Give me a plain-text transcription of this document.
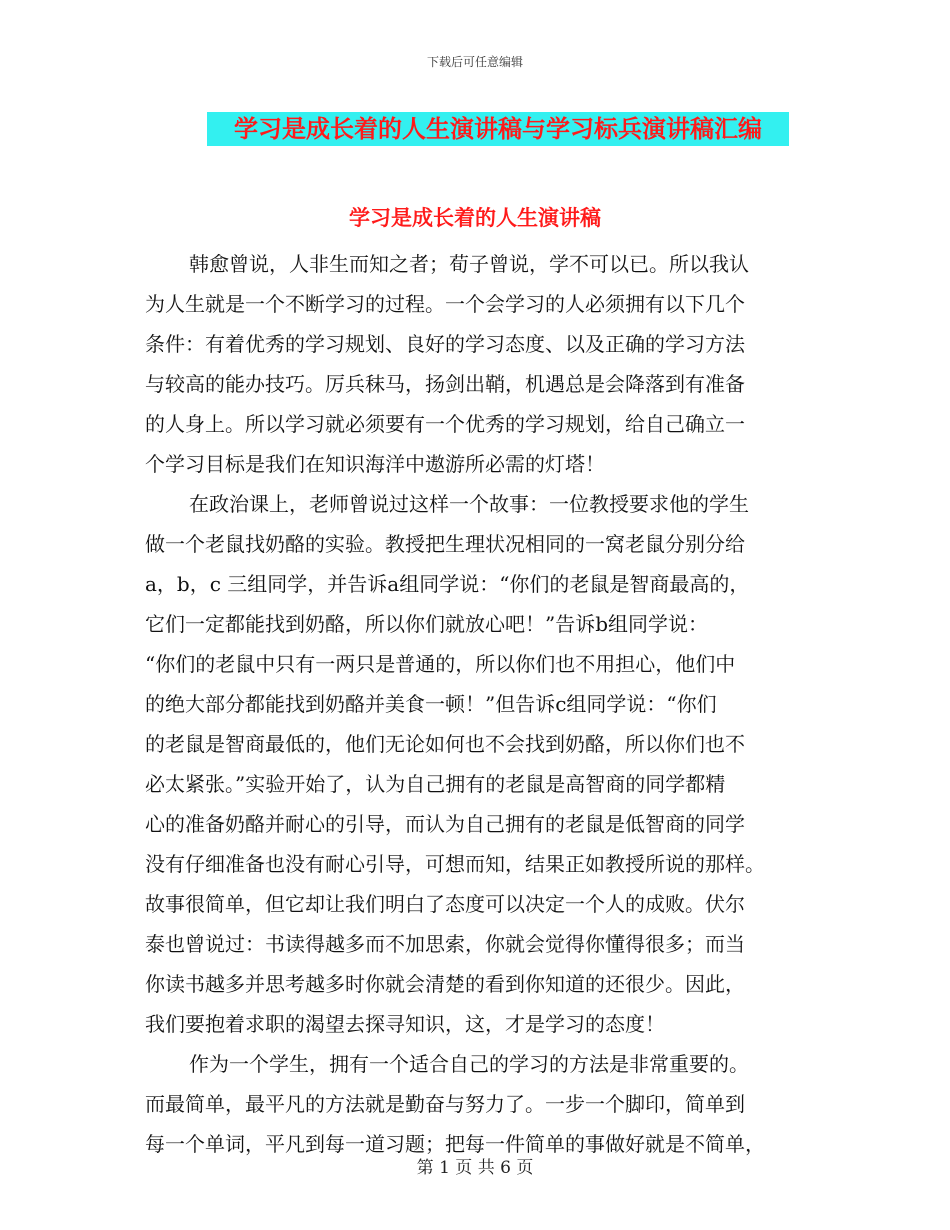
下载后可任意编辑
学习是成长着的人生演讲稿与学习标兵演讲稿汇编
学习是成长着的人生演讲稿
韩愈曾说，人非生而知之者；荀子曾说，学不可以已。所以我认
为人生就是一个不断学习的过程。一个会学习的人必须拥有以下几个
条件：有着优秀的学习规划、良好的学习态度、以及正确的学习方法
与较高的能办技巧。厉兵秣马，扬剑出鞘，机遇总是会降落到有准备
的人身上。所以学习就必须要有一个优秀的学习规划，给自己确立一
个学习目标是我们在知识海洋中遨游所必需的灯塔！
在政治课上，老师曾说过这样一个故事：一位教授要求他的学生
做一个老鼠找奶酪的实验。教授把生理状况相同的一窝老鼠分别分给
a，b，c 三组同学，并告诉a组同学说：“你们的老鼠是智商最高的，
它们一定都能找到奶酪，所以你们就放心吧！”告诉b组同学说：
“你们的老鼠中只有一两只是普通的，所以你们也不用担心，他们中
的绝大部分都能找到奶酪并美食一顿！”但告诉c组同学说：“你们
的老鼠是智商最低的，他们无论如何也不会找到奶酪，所以你们也不
必太紧张。”实验开始了，认为自己拥有的老鼠是高智商的同学都精
心的准备奶酪并耐心的引导，而认为自己拥有的老鼠是低智商的同学
没有仔细准备也没有耐心引导，可想而知，结果正如教授所说的那样。
故事很简单，但它却让我们明白了态度可以决定一个人的成败。伏尔
泰也曾说过：书读得越多而不加思索，你就会觉得你懂得很多；而当
你读书越多并思考越多时你就会清楚的看到你知道的还很少。因此，
我们要抱着求职的渴望去探寻知识，这，才是学习的态度！
作为一个学生，拥有一个适合自己的学习的方法是非常重要的。
而最简单，最平凡的方法就是勤奋与努力了。一步一个脚印，简单到
每一个单词，平凡到每一道习题；把每一件简单的事做好就是不简单，
第 1 页 共 6 页
